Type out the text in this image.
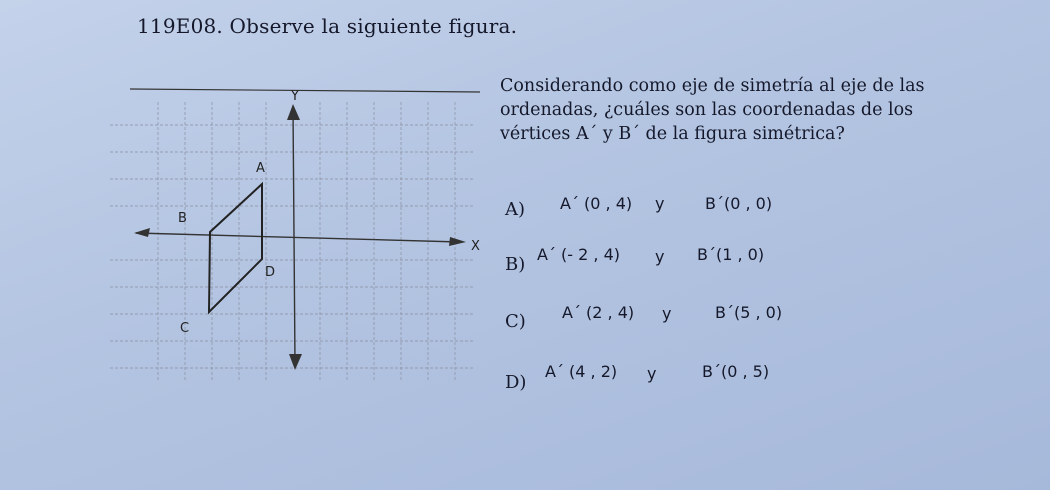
119E08. Observe la siguiente figura.
X
Y
A
B
C
D
Considerando como eje de simetría al eje de las
ordenadas, ¿cuáles son las coordenadas de los
vértices A´ y B´ de la figura simétrica?
A) A´ (0 , 4) y	B´(0 , 0)
B) A´ (- 2 , 4) y B´(1 , 0)
C) A´ (2 , 4) y	B´(5 , 0)
D)
A´ (4 , 2) y	B´(0 , 5)
